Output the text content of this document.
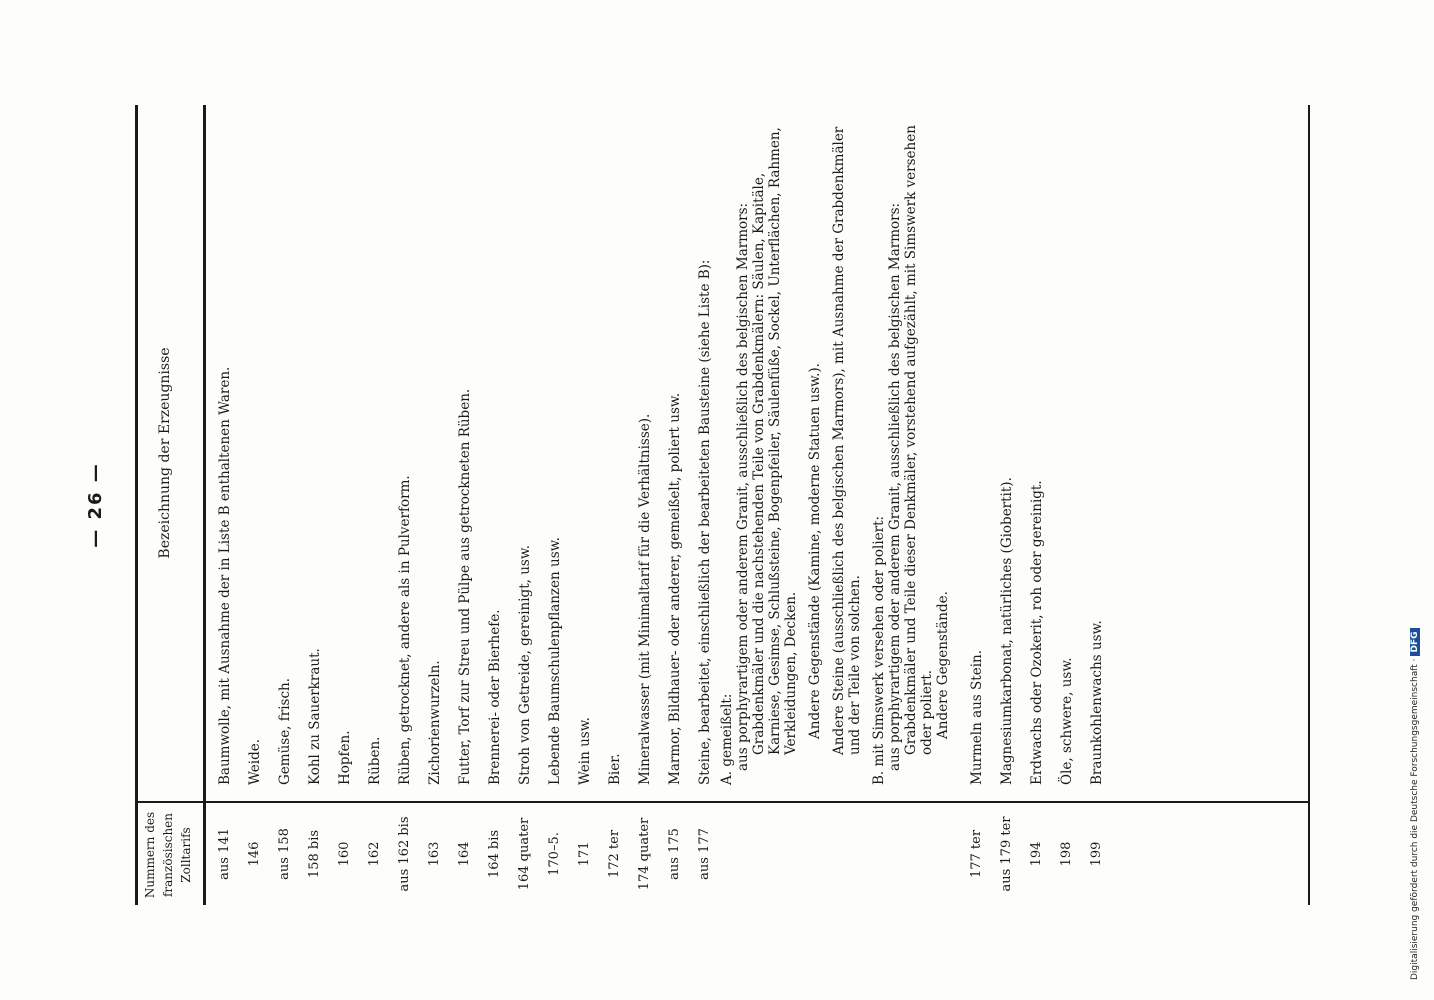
— 26 —
Nummern des französischen Zolltarifs
Bezeichnung der Erzeugnisse
aus 141
Baumwolle, mit Ausnahme der in Liste B enthaltenen Waren.
146
Weide.
aus 158
Gemüse, frisch.
158 bis
Kohl zu Sauerkraut.
160
Hopfen.
162
Rüben.
aus 162 bis
Rüben, getrocknet, andere als in Pulverform.
163
Zichorienwurzeln.
164
Futter, Torf zur Streu und Pülpe aus getrockneten Rüben.
164 bis
Brennerei- oder Bierhefe.
164 quater
Stroh von Getreide, gereinigt, usw.
170–5.
Lebende Baumschulenpflanzen usw.
171
Wein usw.
172 ter
Bier.
174 quater
Mineralwasser (mit Minimaltarif für die Verhältnisse).
aus 175
Marmor, Bildhauer- oder anderer, gemeißelt, poliert usw.
aus 177
Steine, bearbeitet, einschließlich der bearbeiteten Bausteine (siehe Liste B): A. gemeißelt: aus porphyrartigem oder anderem Granit, ausschließlich des belgischen Marmors: Grabdenkmäler und die nachstehenden Teile von Grabdenkmälern: Säulen, Kapitäle, Karniese, Gesimse, Schlußsteine, Bogenpfeiler, Säulenfüße, Sockel, Unterflächen, Rahmen, Verkleidungen, Decken. Andere Gegenstände (Kamine, moderne Statuen usw.). Andere Steine (ausschließlich des belgischen Marmors), mit Ausnahme der Grabdenkmäler und der Teile von solchen. B. mit Simswerk versehen oder poliert: aus porphyrartigem oder anderem Granit, ausschließlich des belgischen Marmors: Grabdenkmäler und Teile dieser Denkmäler, vorstehend aufgezählt, mit Simswerk versehen oder poliert. Andere Gegenstände.
177 ter
Murmeln aus Stein.
aus 179 ter
Magnesiumkarbonat, natürliches (Giobertit).
194
Erdwachs oder Ozokerit, roh oder gereinigt.
198
Öle, schwere, usw.
199
Braunkohlenwachs usw.	Digitalisierung gefördert durch die Deutsche Forschungsgemeinschaft ·DFG
